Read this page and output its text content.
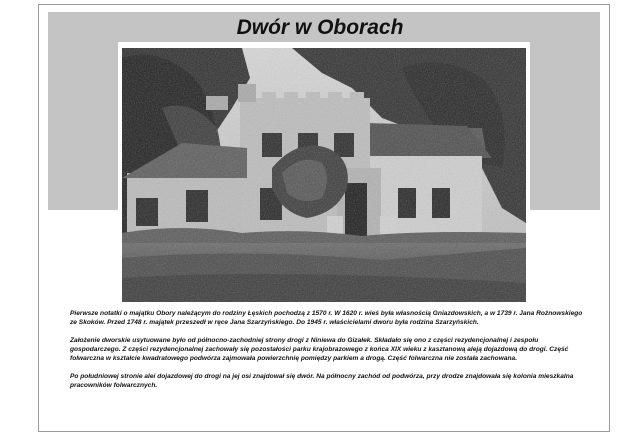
Dwór w Oborach

Pierwsze notatki o majątku Obory należącym do rodziny Łęskich pochodzą z 1570 r. W 1620 r. wieś była własnością Gniazdowskich, a w 1739 r. Jana Rożnowskiego ze Skoków. Przed 1748 r. majątek przeszedł w ręce Jana Szarzyńskiego. Do 1945 r. właścicielami dworu była rodzina Szarzyńskich.

Założenie dworskie usytuowane było od północno-zachodniej strony drogi z Niniewa do Gizałek. Składało się ono z części rezydencjonalnej i zespołu gospodarczego. Z części rezydencjonalnej zachowały się pozostałości parku krajobrazowego z końca XIX wieku z kasztanową aleją dojazdową do drogi. Część folwarczna w kształcie kwadratowego podwórza zajmowała powierzchnię pomiędzy parkiem a drogą. Część folwarczna nie została zachowana.

Po południowej stronie alei dojazdowej do drogi na jej osi znajdował się dwór. Na północny zachód od podwórza, przy drodze znajdowała się kolonia mieszkalna pracowników folwarcznych.
